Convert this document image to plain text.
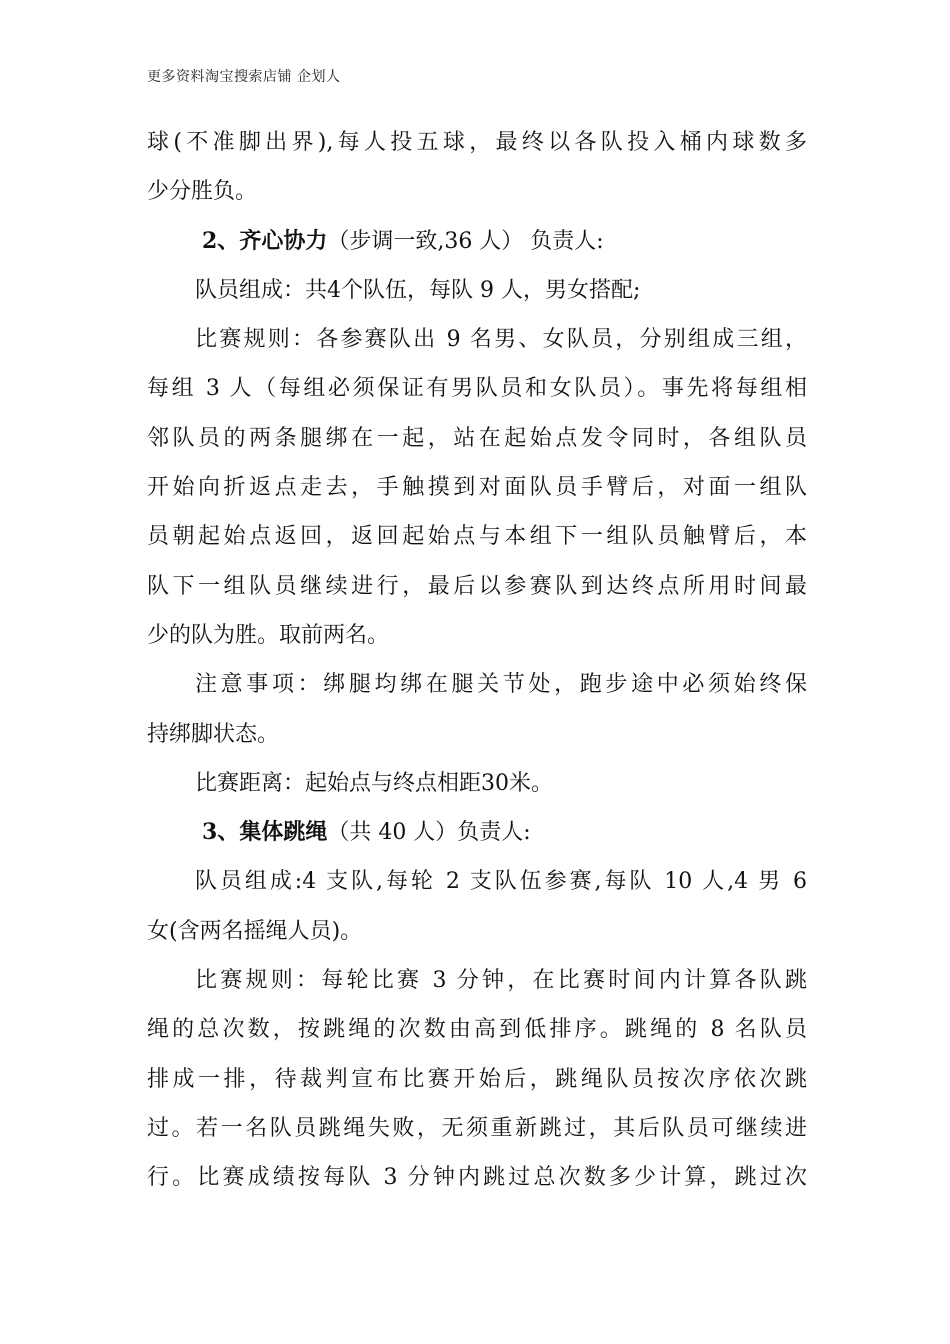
更多资料淘宝搜索店铺 企划人
球(不准脚出界),每人投五球，最终以各队投入桶内球数多
少分胜负。
2、齐心协力（步调一致,36 人） 负责人:
队员组成：共4个队伍，每队 9 人，男女搭配;
比赛规则：各参赛队出 9 名男、女队员，分别组成三组，
每组 3 人（每组必须保证有男队员和女队员）。事先将每组相
邻队员的两条腿绑在一起，站在起始点发令同时，各组队员
开始向折返点走去，手触摸到对面队员手臂后，对面一组队
员朝起始点返回，返回起始点与本组下一组队员触臂后，本
队下一组队员继续进行，最后以参赛队到达终点所用时间最
少的队为胜。取前两名。
注意事项：绑腿均绑在腿关节处，跑步途中必须始终保
持绑脚状态。
比赛距离：起始点与终点相距30米。
3、集体跳绳（共 40 人）负责人:
队员组成:4 支队,每轮 2 支队伍参赛,每队 10 人,4 男 6
女(含两名摇绳人员)。
比赛规则：每轮比赛 3 分钟，在比赛时间内计算各队跳
绳的总次数，按跳绳的次数由高到低排序。跳绳的 8 名队员
排成一排，待裁判宣布比赛开始后，跳绳队员按次序依次跳
过。若一名队员跳绳失败，无须重新跳过，其后队员可继续进
行。比赛成绩按每队 3 分钟内跳过总次数多少计算，跳过次
